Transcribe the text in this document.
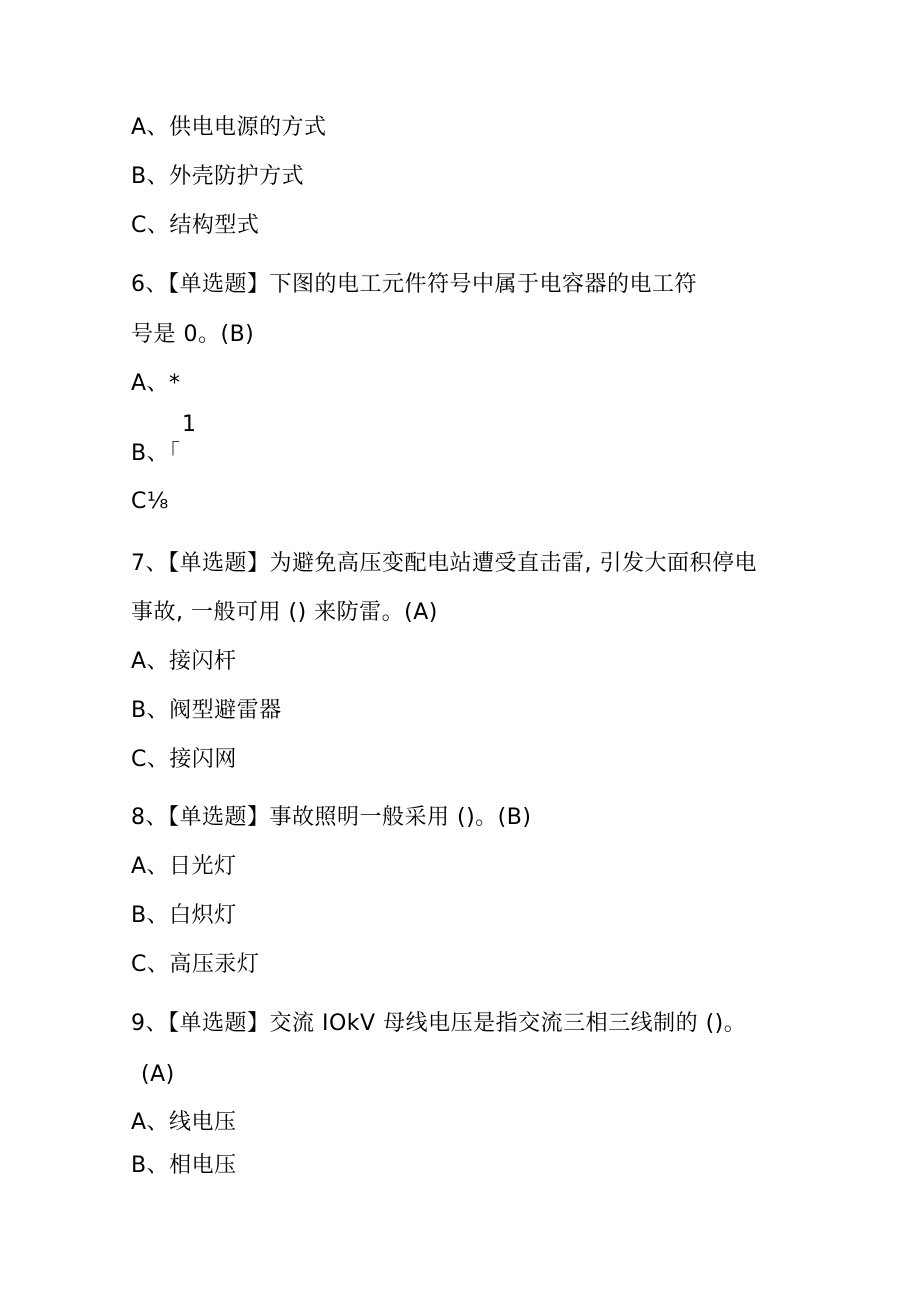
A、供电电源的方式
B、外壳防护方式
C、结构型式
6、【单选题】下图的电工元件符号中属于电容器的电工符
号是 0。(B)
A、*
1
B、「
C⅛
7、【单选题】为避免高压变配电站遭受直击雷, 引发大面积停电
事故, 一般可用 () 来防雷。(A)
A、接闪杆
B、阀型避雷器
C、接闪网
8、【单选题】事故照明一般采用 ()。(B)
A、日光灯
B、白炽灯
C、高压汞灯
9、【单选题】交流 IOkV 母线电压是指交流三相三线制的 ()。
(A)
A、线电压
B、相电压
